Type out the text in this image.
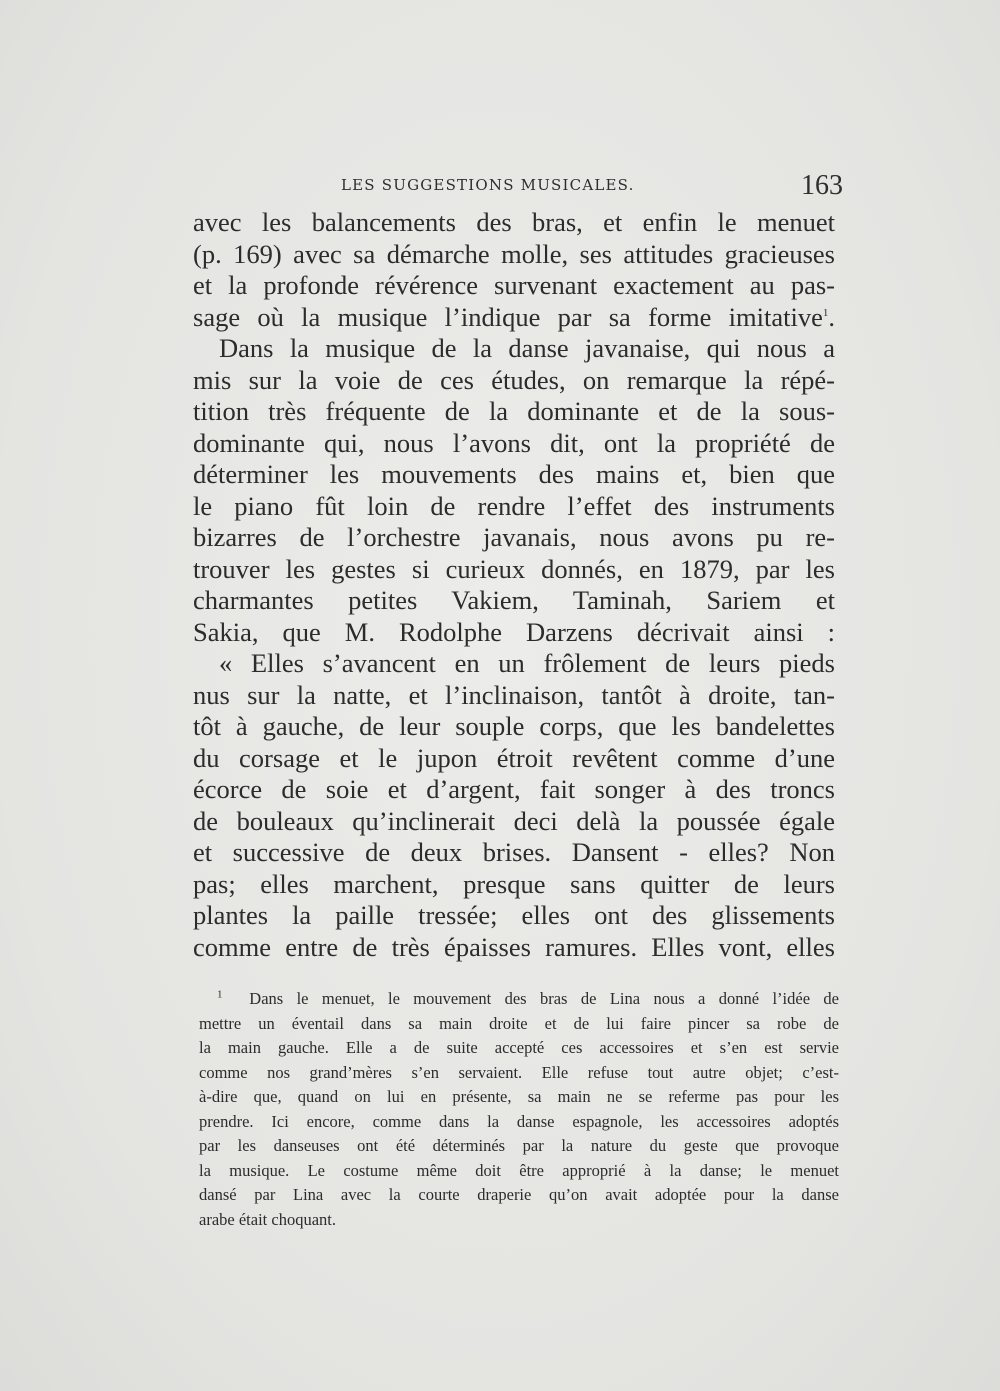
LES SUGGESTIONS MUSICALES.	163
avec les balancements des bras, et enfin le menuet
(p. 169) avec sa démarche molle, ses attitudes gracieuses
et la profonde révérence survenant exactement au pas-
sage où la musique l’indique par sa forme imitative$^1$.
Dans la musique de la danse javanaise, qui nous a
mis sur la voie de ces études, on remarque la répé-
tition très fréquente de la dominante et de la sous-
dominante qui, nous l’avons dit, ont la propriété de
déterminer les mouvements des mains et, bien que
le piano fût loin de rendre l’effet des instruments
bizarres de l’orchestre javanais, nous avons pu re-
trouver les gestes si curieux donnés, en 1879, par les
charmantes petites Vakiem, Taminah, Sariem et
Sakia, que M. Rodolphe Darzens décrivait ainsi :
« Elles s’avancent en un frôlement de leurs pieds
nus sur la natte, et l’inclinaison, tantôt à droite, tan-
tôt à gauche, de leur souple corps, que les bandelettes
du corsage et le jupon étroit revêtent comme d’une
écorce de soie et d’argent, fait songer à des troncs
de bouleaux qu’inclinerait deci delà la poussée égale
et successive de deux brises. Dansent - elles? Non
pas; elles marchent, presque sans quitter de leurs
plantes la paille tressée; elles ont des glissements
comme entre de très épaisses ramures. Elles vont, elles
$^1$ Dans le menuet, le mouvement des bras de Lina nous a donné l’idée de
mettre un éventail dans sa main droite et de lui faire pincer sa robe de
la main gauche. Elle a de suite accepté ces accessoires et s’en est servie
comme nos grand’mères s’en servaient. Elle refuse tout autre objet; c’est-
à-dire que, quand on lui en présente, sa main ne se referme pas pour les
prendre. Ici encore, comme dans la danse espagnole, les accessoires adoptés
par les danseuses ont été déterminés par la nature du geste que provoque
la musique. Le costume même doit être approprié à la danse; le menuet
dansé par Lina avec la courte draperie qu’on avait adoptée pour la danse
arabe était choquant.
